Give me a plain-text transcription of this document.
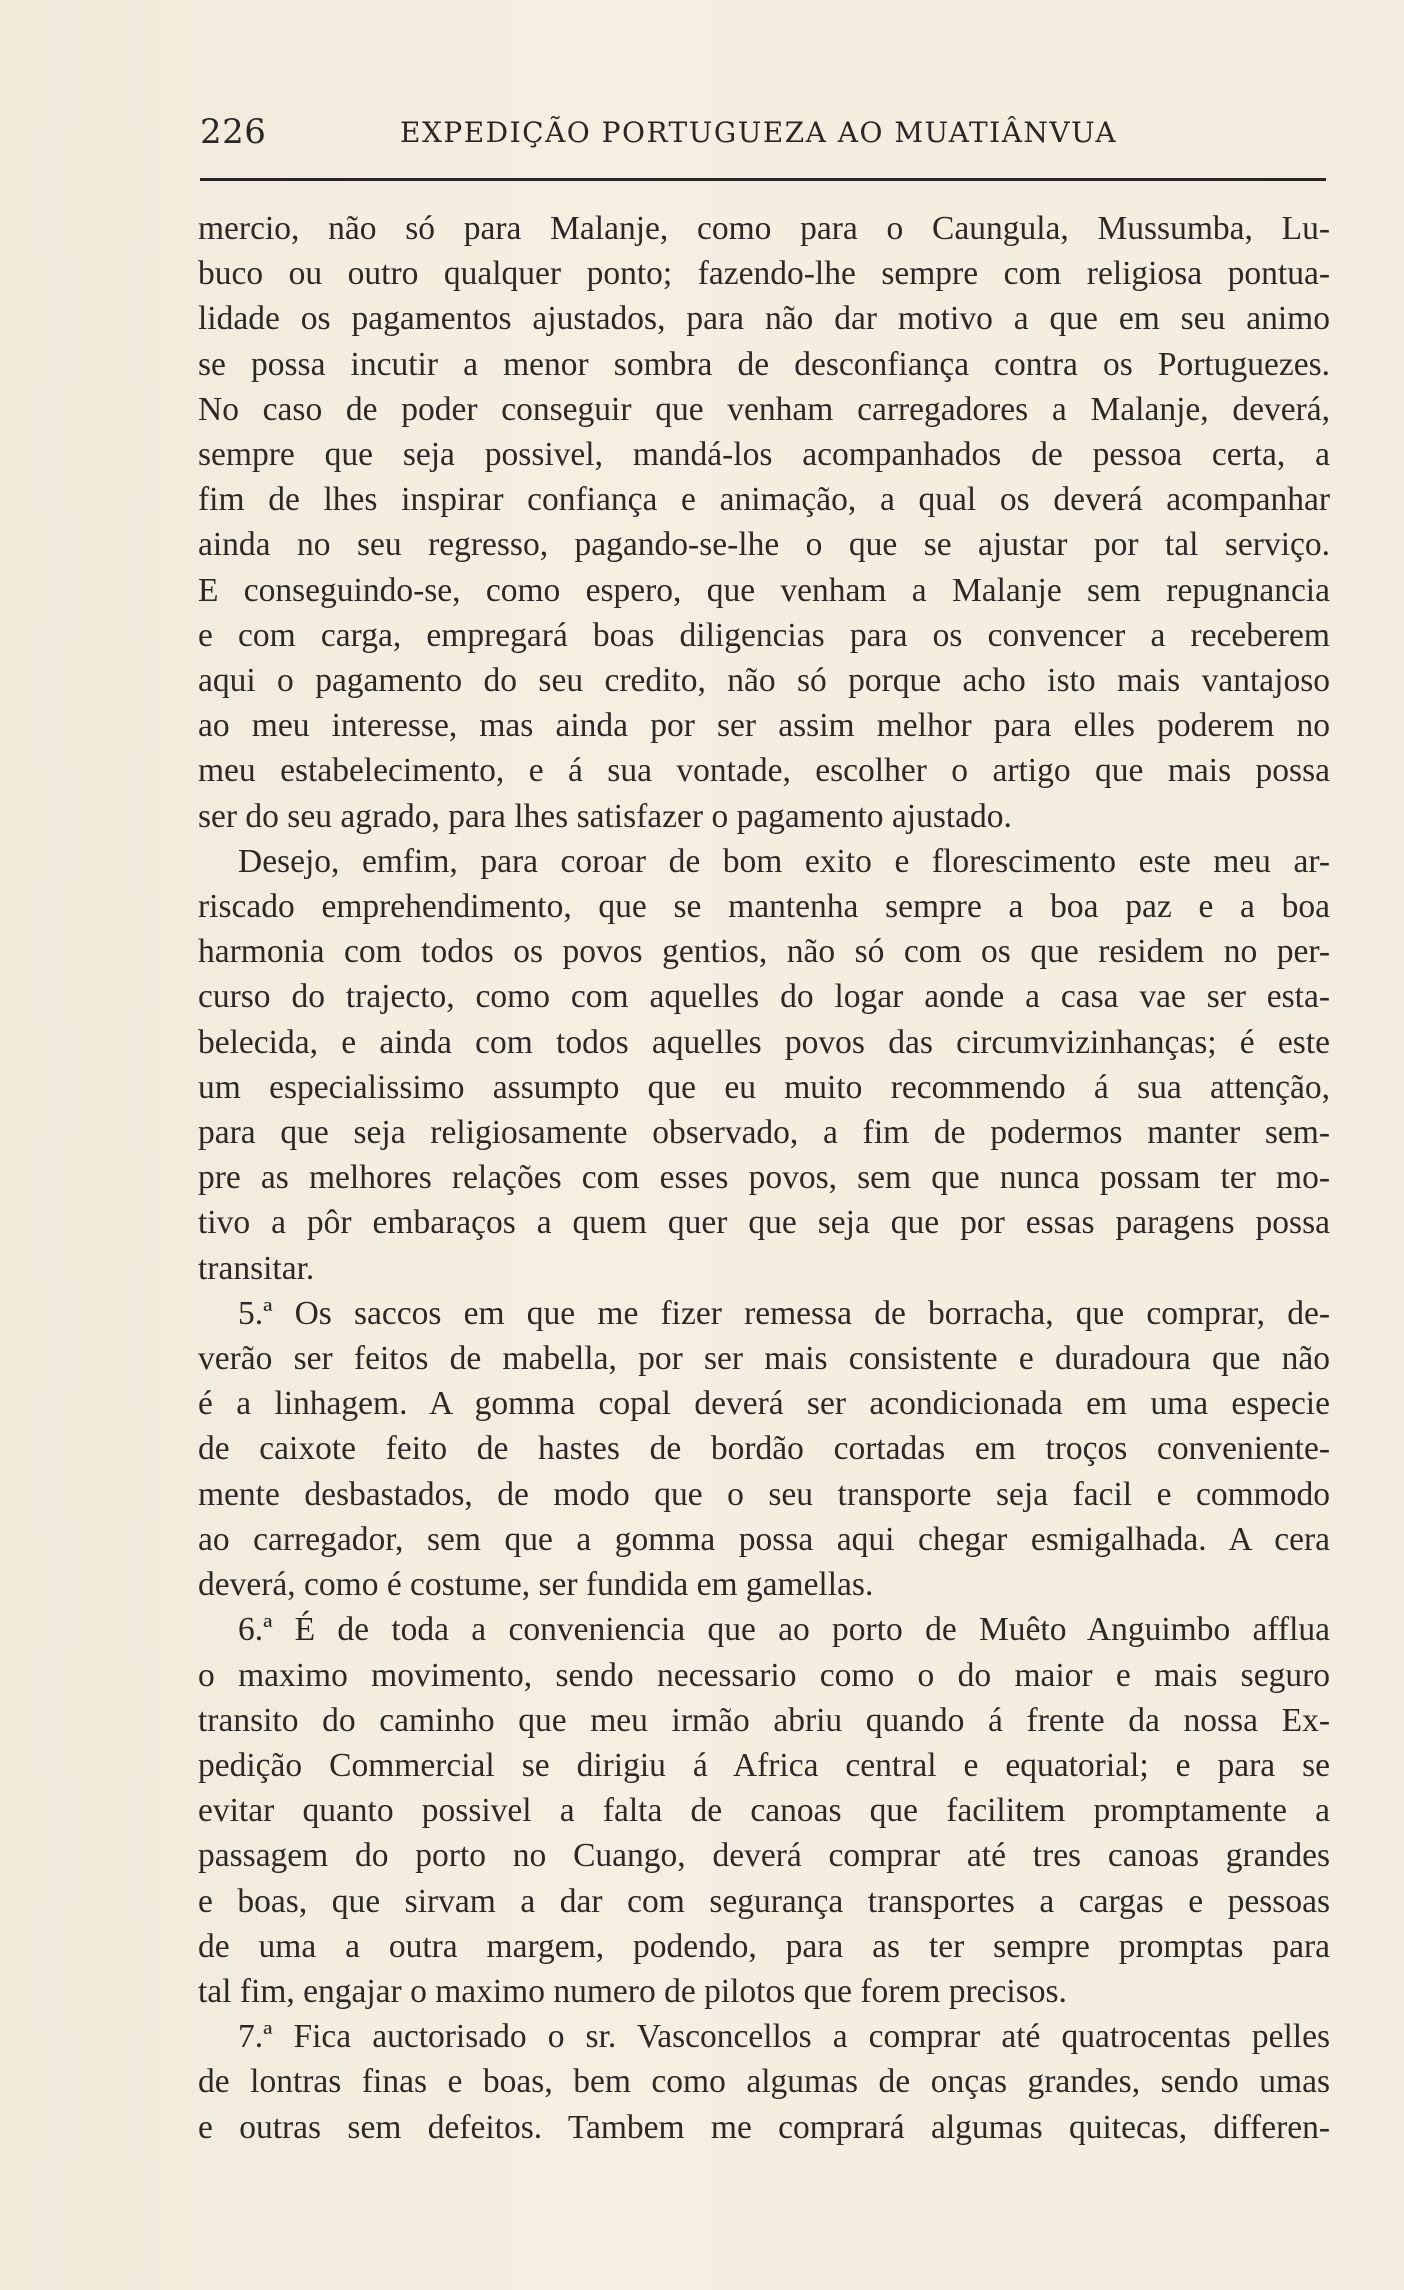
226	EXPEDIÇÃO PORTUGUEZA AO MUATIÂNVUA
mercio, não só para Malanje, como para o Caungula, Mussumba, Lu-
buco ou outro qualquer ponto; fazendo-lhe sempre com religiosa pontua-
lidade os pagamentos ajustados, para não dar motivo a que em seu animo
se possa incutir a menor sombra de desconfiança contra os Portuguezes.
No caso de poder conseguir que venham carregadores a Malanje, deverá,
sempre que seja possivel, mandá-los acompanhados de pessoa certa, a
fim de lhes inspirar confiança e animação, a qual os deverá acompanhar
ainda no seu regresso, pagando-se-lhe o que se ajustar por tal serviço.
E conseguindo-se, como espero, que venham a Malanje sem repugnancia
e com carga, empregará boas diligencias para os convencer a receberem
aqui o pagamento do seu credito, não só porque acho isto mais vantajoso
ao meu interesse, mas ainda por ser assim melhor para elles poderem no
meu estabelecimento, e á sua vontade, escolher o artigo que mais possa
ser do seu agrado, para lhes satisfazer o pagamento ajustado.
Desejo, emfim, para coroar de bom exito e florescimento este meu ar-
riscado emprehendimento, que se mantenha sempre a boa paz e a boa
harmonia com todos os povos gentios, não só com os que residem no per-
curso do trajecto, como com aquelles do logar aonde a casa vae ser esta-
belecida, e ainda com todos aquelles povos das circumvizinhanças; é este
um especialissimo assumpto que eu muito recommendo á sua attenção,
para que seja religiosamente observado, a fim de podermos manter sem-
pre as melhores relações com esses povos, sem que nunca possam ter mo-
tivo a pôr embaraços a quem quer que seja que por essas paragens possa
transitar.
5.ª Os saccos em que me fizer remessa de borracha, que comprar, de-
verão ser feitos de mabella, por ser mais consistente e duradoura que não
é a linhagem. A gomma copal deverá ser acondicionada em uma especie
de caixote feito de hastes de bordão cortadas em troços conveniente-
mente desbastados, de modo que o seu transporte seja facil e commodo
ao carregador, sem que a gomma possa aqui chegar esmigalhada. A cera
deverá, como é costume, ser fundida em gamellas.
6.ª É de toda a conveniencia que ao porto de Muêto Anguimbo afflua
o maximo movimento, sendo necessario como o do maior e mais seguro
transito do caminho que meu irmão abriu quando á frente da nossa Ex-
pedição Commercial se dirigiu á Africa central e equatorial; e para se
evitar quanto possivel a falta de canoas que facilitem promptamente a
passagem do porto no Cuango, deverá comprar até tres canoas grandes
e boas, que sirvam a dar com segurança transportes a cargas e pessoas
de uma a outra margem, podendo, para as ter sempre promptas para
tal fim, engajar o maximo numero de pilotos que forem precisos.
7.ª Fica auctorisado o sr. Vasconcellos a comprar até quatrocentas pelles
de lontras finas e boas, bem como algumas de onças grandes, sendo umas
e outras sem defeitos. Tambem me comprará algumas quitecas, differen-
